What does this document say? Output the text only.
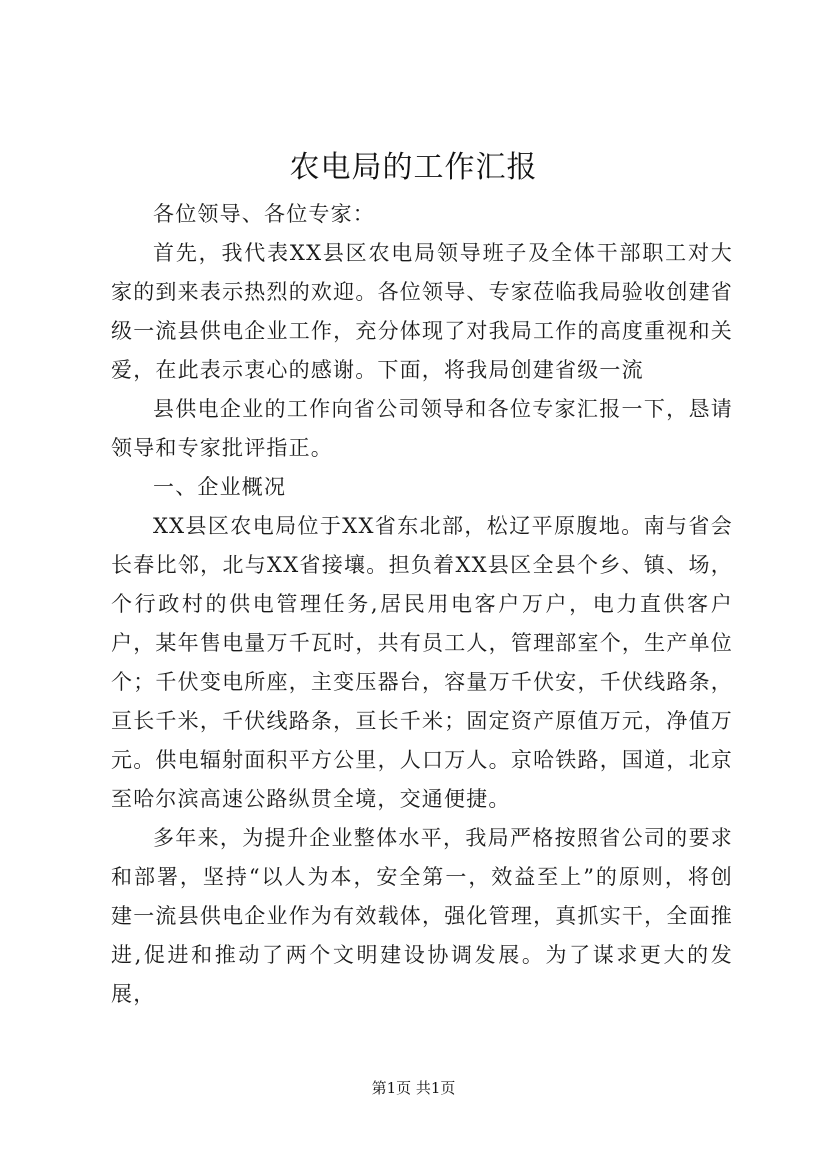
农电局的工作汇报

各位领导、各位专家：

首先，我代表XX县区农电局领导班子及全体干部职工对大家的到来表示热烈的欢迎。各位领导、专家莅临我局验收创建省级一流县供电企业工作，充分体现了对我局工作的高度重视和关爱，在此表示衷心的感谢。下面，将我局创建省级一流

县供电企业的工作向省公司领导和各位专家汇报一下，恳请领导和专家批评指正。

一、企业概况

XX县区农电局位于XX省东北部，松辽平原腹地。南与省会长春比邻，北与XX省接壤。担负着XX县区全县个乡、镇、场，个行政村的供电管理任务,居民用电客户万户，电力直供客户户，某年售电量万千瓦时，共有员工人，管理部室个，生产单位个；千伏变电所座，主变压器台，容量万千伏安，千伏线路条，亘长千米，千伏线路条，亘长千米；固定资产原值万元，净值万元。供电辐射面积平方公里，人口万人。京哈铁路，国道，北京至哈尔滨高速公路纵贯全境，交通便捷。

多年来，为提升企业整体水平，我局严格按照省公司的要求和部署，坚持“以人为本，安全第一，效益至上”的原则，将创建一流县供电企业作为有效载体，强化管理，真抓实干，全面推进,促进和推动了两个文明建设协调发展。为了谋求更大的发展，

第1页 共1页
